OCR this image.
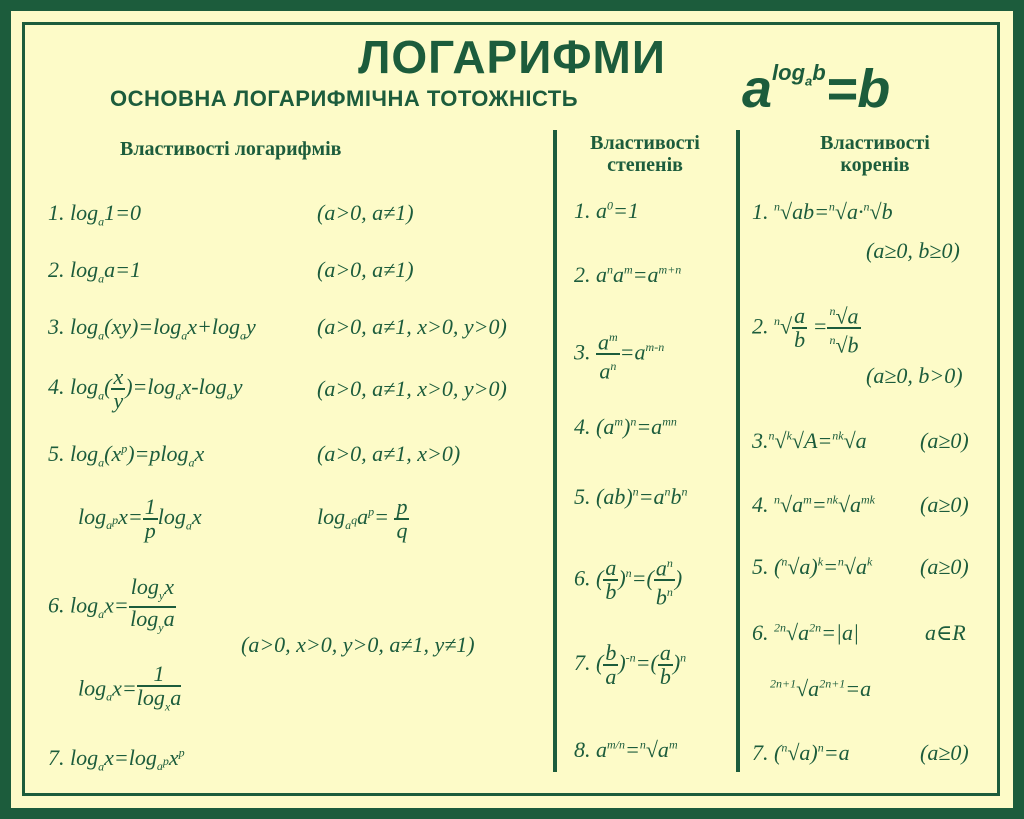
ЛОГАРИФМИ
ОСНОВНА ЛОГАРИФМІЧНА ТОТОЖНІСТЬ	$a^{log_ab}=b$
Властивості логарифмів	Властивості
степенів
Властивості
коренів
1. $\log_a1=0$	(a>0, a≠1)
2. $\log_aa=1$	(a>0, a≠1)
3. $\log_a(xy)=\log_ax+\log_ay$	(a>0, a≠1, x>0, y>0)
4. $\log_a( \frac{x}{y} )=\log_ax-\log_ay$	(a>0, a≠1, x>0, y>0)
5. $\log_a(x^p)=plog_ax$	(a>0, a≠1, x>0)
$\log_{a^p}x= \frac{1}{p} \log_ax$	$\log_{a^q}a^p= \frac{p}{q}$
6. $\log_ax= \frac{\log_yx}{\log_ya}$
(a>0, x>0, y>0, a≠1, y≠1)
$\log_ax= \frac{1}{\log_xa}$
7. $\log_ax=\log_{a^p}x^p$
1. $a^0=1$
2. $a^na^m=a^{m+n}$
3. $\frac{a^m}{a^n} =a^{m-n}$
4. $(a^m)^n=a^{mn}$
5. $(ab)^n=a^nb^n$
6. ( $\frac{a}{b} )^n=( \frac{a^n}{b^n}$ )
7. ( $\frac{b}{a} )^{-n}=( \frac{a}{b} )^n$
8. $a^{m/n}=^n√a^m$
1. $^n$√ab=$^n$√a·$^n$√b
(a≥0, b≥0)
2. $^n√ \frac{a}{b} = \frac{^n√a}{^n√b}$
(a≥0, b>0)
3.$^n$√$^k$√A=$^{nk}$√a (a≥0)
4. $^n√a^m=^{nk}√a^{mk}$ (a≥0)
5. $(^n√a)^k=^n√a^k$ (a≥0)
6. $^{2n}√a^{2n}=|a|$	a∈R
$^{2n+1}√a^{2n+1}=a$
7. $(^n√a)^n=a$	(a≥0)
